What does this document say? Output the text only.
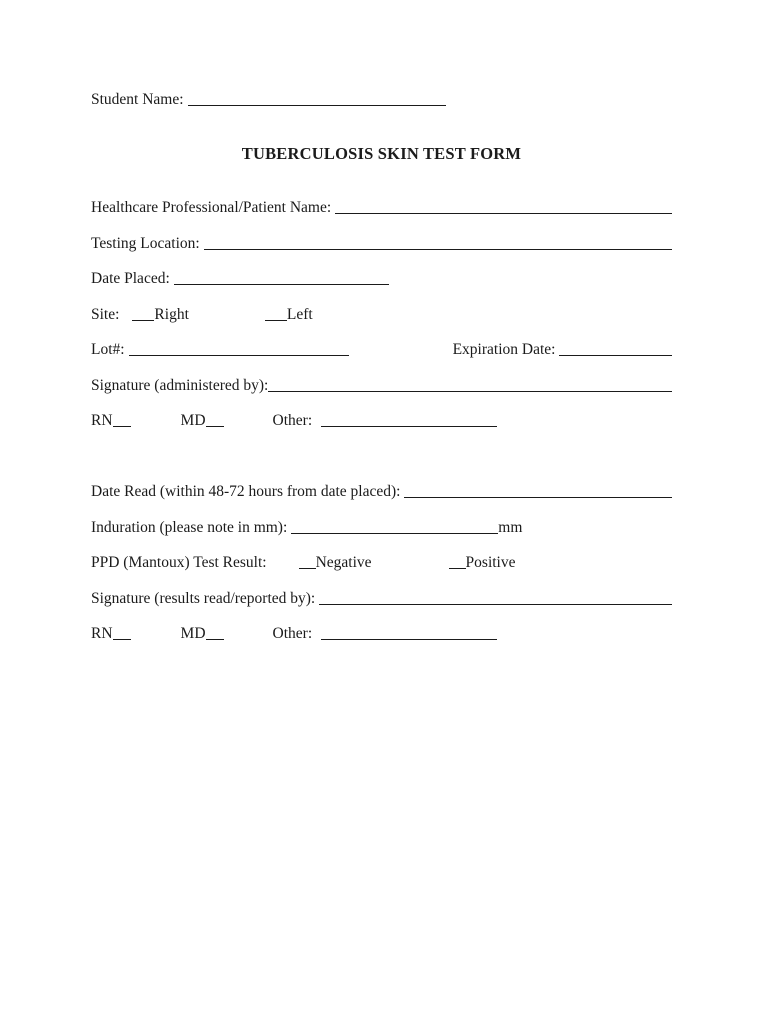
Student Name:
TUBERCULOSIS SKIN TEST FORM
Healthcare Professional/Patient Name:
Testing Location:
Date Placed:
Site: Right	Left
Lot#:	Expiration Date:
Signature (administered by):
RN	MD	Other:
Date Read (within 48-72 hours from date placed):
Induration (please note in mm):	mm
PPD (Mantoux) Test Result:	Negative	Positive
Signature (results read/reported by):
RN	MD	Other:
